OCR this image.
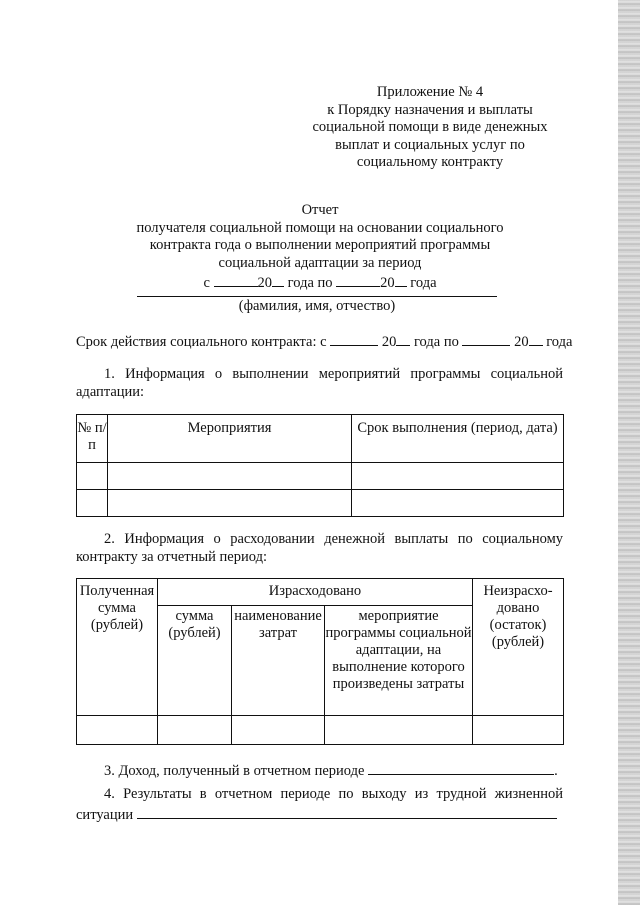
Приложение № 4
к Порядку назначения и выплаты
социальной помощи в виде денежных
выплат и социальных услуг по
социальному контракту
Отчет
получателя социальной помощи на основании социального
контракта года о выполнении мероприятий программы
социальной адаптации за период
с	20 года по	20 года
(фамилия, имя, отчество)
Срок действия социального контракта: с	20 года по	20 года
1. Информация о выполнении мероприятий программы социальной адаптации:
№ п/п	Мероприятия	Срок выполнения (период, дата)

2. Информация о расходовании денежной выплаты по социальному контракту за отчетный период:
Полученная сумма (рублей)	Израсходовано			Неизрасхо-довано (остаток) (рублей)
	сумма (рублей)	наименование затрат	мероприятие программы социальной адаптации, на выполнение которого произведены затраты	

3. Доход, полученный в отчетном периоде	.
4. Результаты в отчетном периоде по выходу из трудной жизненной ситуации
